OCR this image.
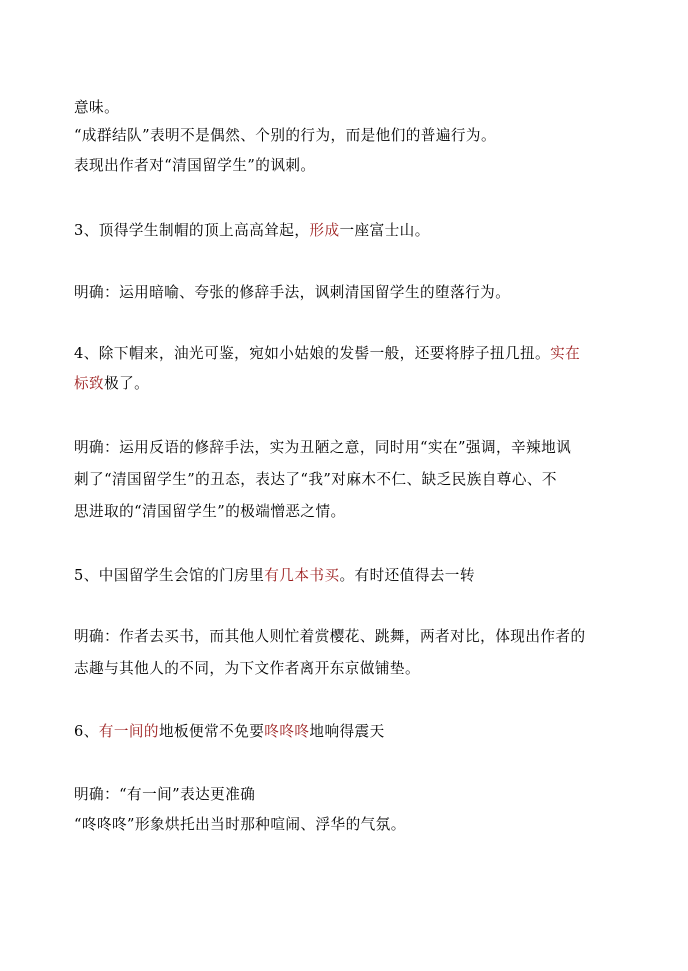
意味。
“成群结队”表明不是偶然、个别的行为，而是他们的普遍行为。
表现出作者对“清国留学生”的讽刺。
3、顶得学生制帽的顶上高高耸起，形成一座富士山。
明确：运用暗喻、夸张的修辞手法，讽刺清国留学生的堕落行为。
4、除下帽来，油光可鉴，宛如小姑娘的发髻一般，还要将脖子扭几扭。实在
标致极了。
明确：运用反语的修辞手法，实为丑陋之意，同时用“实在”强调，辛辣地讽
刺了“清国留学生”的丑态，表达了“我”对麻木不仁、缺乏民族自尊心、不
思进取的“清国留学生”的极端憎恶之情。
5、中国留学生会馆的门房里有几本书买。有时还值得去一转
明确：作者去买书，而其他人则忙着赏樱花、跳舞，两者对比，体现出作者的
志趣与其他人的不同，为下文作者离开东京做铺垫。
6、有一间的地板便常不免要咚咚咚地响得震天
明确：“有一间”表达更准确
“咚咚咚”形象烘托出当时那种喧闹、浮华的气氛。
